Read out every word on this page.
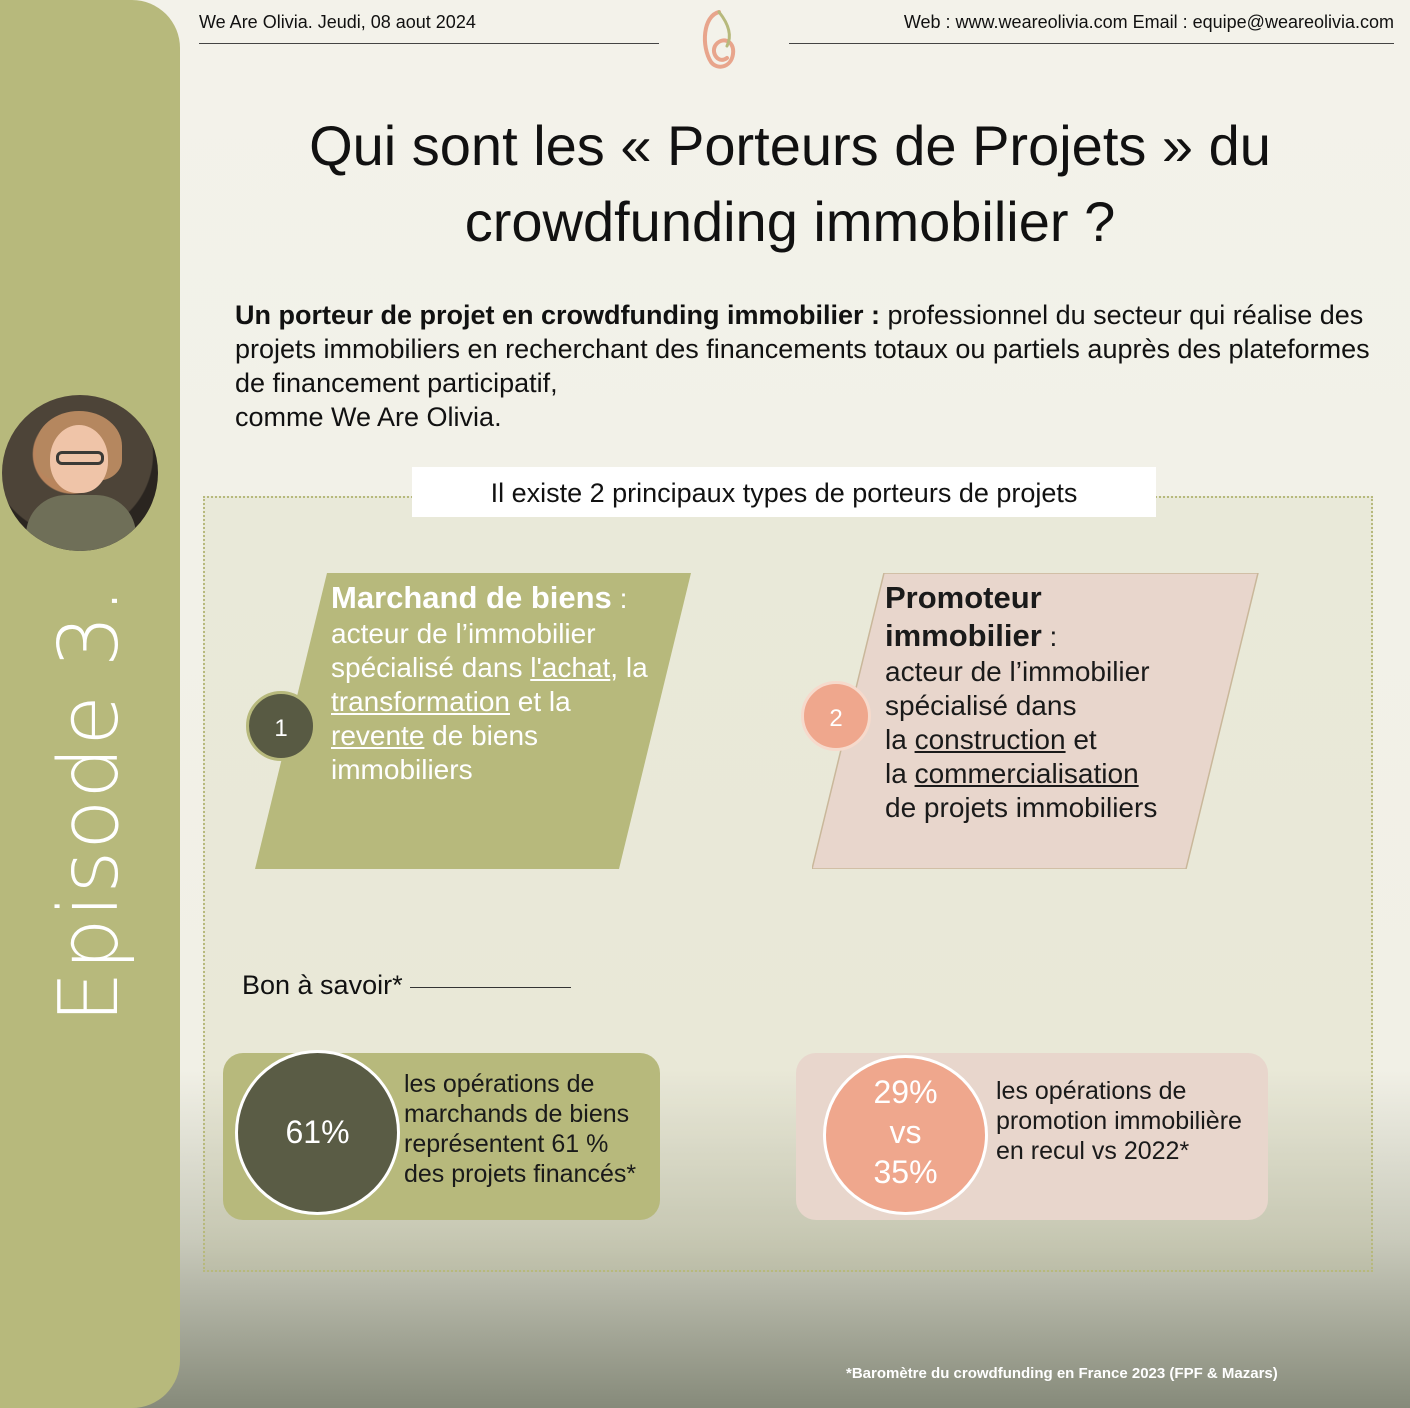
Episode 3.
We Are Olivia. Jeudi, 08 aout 2024	Web : www.weareolivia.com Email : equipe@weareolivia.com
Qui sont les « Porteurs de Projets » du
crowdfunding immobilier ?
Un porteur de projet en crowdfunding immobilier : professionnel du secteur qui réalise des projets immobiliers en recherchant des financements totaux ou partiels auprès des plateformes de financement participatif,
comme We Are Olivia.
Il existe 2 principaux types de porteurs de projets
Marchand de biens :
acteur de l’immobilier spécialisé dans l'achat, la transformation et la revente de biens immobiliers
1
Promoteur immobilier :
acteur de l’immobilier spécialisé dans
la construction et
la commercialisation
de projets immobiliers
2
Bon à savoir*
61%
les opérations de marchands de biens représentent 61 % des projets financés*
29%
vs
35%
les opérations de promotion immobilière en recul vs 2022*
*Baromètre du crowdfunding en France 2023 (FPF & Mazars)
